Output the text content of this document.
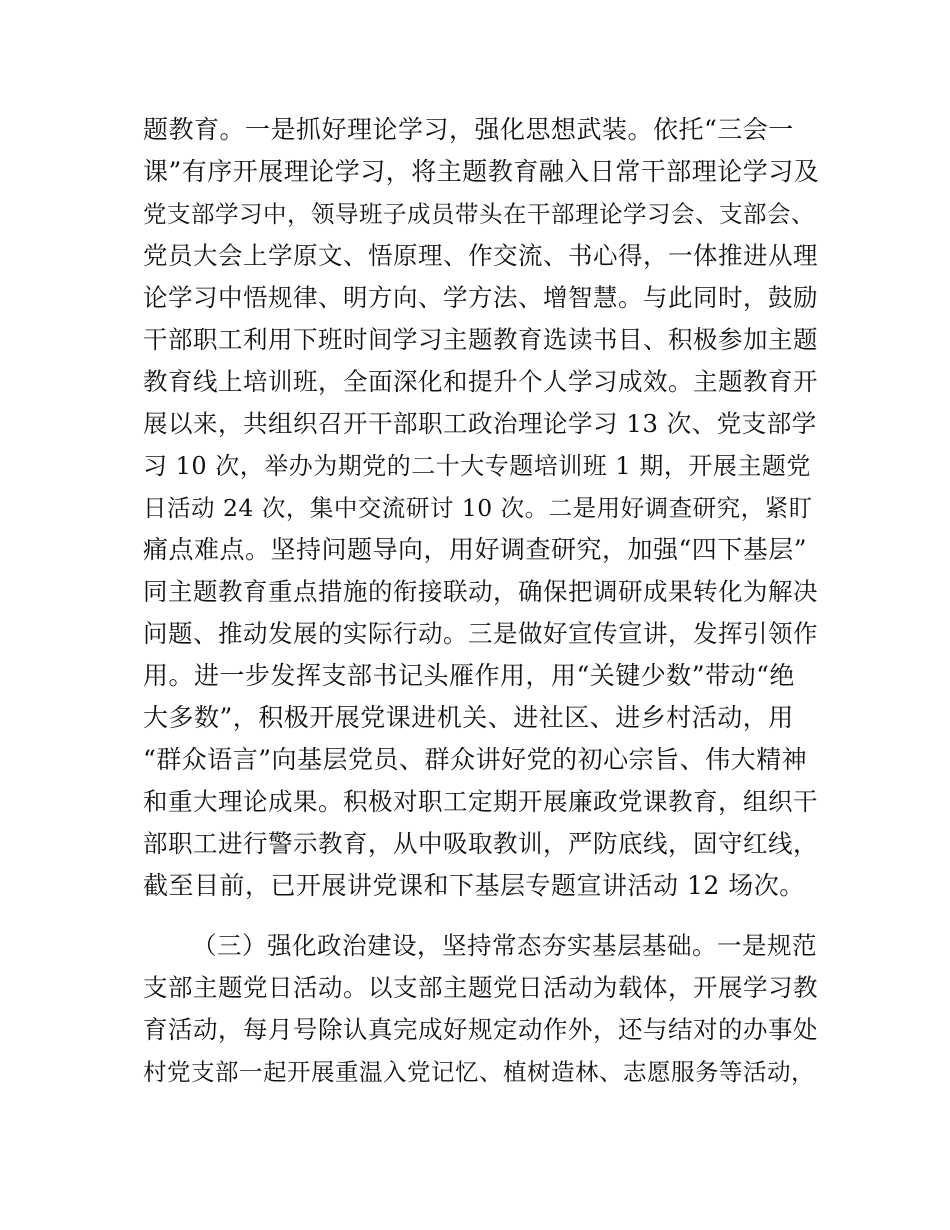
题教育。一是抓好理论学习，强化思想武装。依托“三会一
课”有序开展理论学习，将主题教育融入日常干部理论学习及
党支部学习中，领导班子成员带头在干部理论学习会、支部会、
党员大会上学原文、悟原理、作交流、书心得，一体推进从理
论学习中悟规律、明方向、学方法、增智慧。与此同时，鼓励
干部职工利用下班时间学习主题教育选读书目、积极参加主题
教育线上培训班，全面深化和提升个人学习成效。主题教育开
展以来，共组织召开干部职工政治理论学习 13 次、党支部学
习 10 次，举办为期党的二十大专题培训班 1 期，开展主题党
日活动 24 次，集中交流研讨 10 次。二是用好调查研究，紧盯
痛点难点。坚持问题导向，用好调查研究，加强“四下基层”
同主题教育重点措施的衔接联动，确保把调研成果转化为解决
问题、推动发展的实际行动。三是做好宣传宣讲，发挥引领作
用。进一步发挥支部书记头雁作用，用“关键少数”带动“绝
大多数”，积极开展党课进机关、进社区、进乡村活动，用
“群众语言”向基层党员、群众讲好党的初心宗旨、伟大精神
和重大理论成果。积极对职工定期开展廉政党课教育，组织干
部职工进行警示教育，从中吸取教训，严防底线，固守红线，
截至目前，已开展讲党课和下基层专题宣讲活动 12 场次。
（三）强化政治建设，坚持常态夯实基层基础。一是规范
支部主题党日活动。以支部主题党日活动为载体，开展学习教
育活动，每月号除认真完成好规定动作外，还与结对的办事处
村党支部一起开展重温入党记忆、植树造林、志愿服务等活动，
